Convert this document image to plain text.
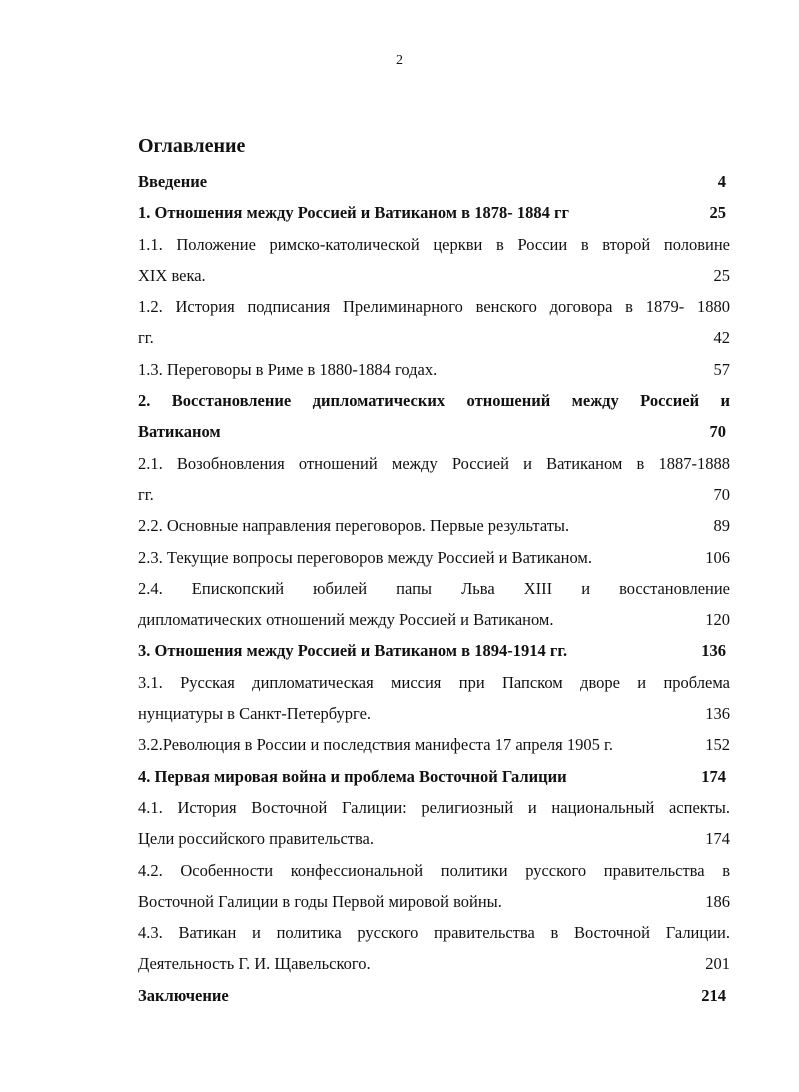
2
Оглавление
Введение	4
1. Отношения между Россией и Ватиканом в 1878- 1884 гг	25
1.1. Положение римско-католической церкви в России в второй половине
XIX века.	25
1.2. История подписания Прелиминарного венского договора в 1879- 1880
гг.	42
1.3. Переговоры в Риме в 1880-1884 годах.	57
2. Восстановление дипломатических отношений между Россией и
Ватиканом	70
2.1. Возобновления отношений между Россией и Ватиканом в 1887-1888
гг.	70
2.2. Основные направления переговоров. Первые результаты.	89
2.3. Текущие вопросы переговоров между Россией и Ватиканом.	106
2.4. Епископский юбилей папы Льва XIII и восстановление
дипломатических отношений между Россией и Ватиканом.	120
3. Отношения между Россией и Ватиканом в 1894-1914 гг.	136
3.1. Русская дипломатическая миссия при Папском дворе и проблема
нунциатуры в Санкт-Петербурге.	136
3.2.Революция в России и последствия манифеста 17 апреля 1905 г.	152
4. Первая мировая война и проблема Восточной Галиции	174
4.1. История Восточной Галиции: религиозный и национальный аспекты.
Цели российского правительства.	174
4.2. Особенности конфессиональной политики русского правительства в
Восточной Галиции в годы Первой мировой войны.	186
4.3. Ватикан и политика русского правительства в Восточной Галиции.
Деятельность Г. И. Щавельского.	201
Заключение	214
